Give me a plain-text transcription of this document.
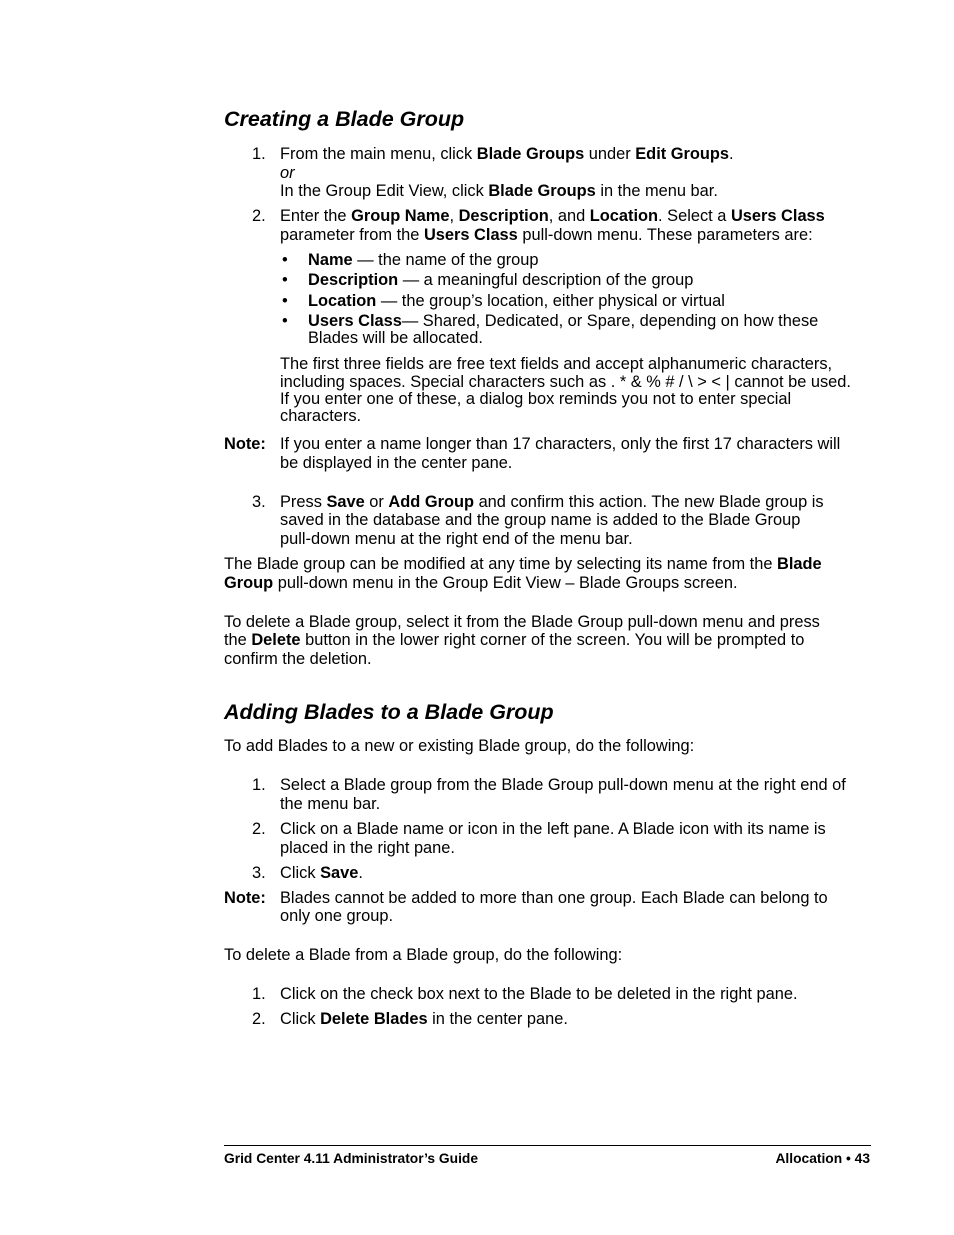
Creating a Blade Group
1. From the main menu, click Blade Groups under Edit Groups.
or
In the Group Edit View, click Blade Groups in the menu bar.
2. Enter the Group Name, Description, and Location. Select a Users Class
parameter from the Users Class pull-down menu. These parameters are:
• Name — the name of the group
• Description — a meaningful description of the group
• Location — the group’s location, either physical or virtual
• Users Class— Shared, Dedicated, or Spare, depending on how these
Blades will be allocated.
The first three fields are free text fields and accept alphanumeric characters,
including spaces. Special characters such as . * & % # / \ > < | cannot be used.
If you enter one of these, a dialog box reminds you not to enter special
characters.
Note: If you enter a name longer than 17 characters, only the first 17 characters will
be displayed in the center pane.
3. Press Save or Add Group and confirm this action. The new Blade group is
saved in the database and the group name is added to the Blade Group
pull-down menu at the right end of the menu bar.
The Blade group can be modified at any time by selecting its name from the Blade
Group pull-down menu in the Group Edit View – Blade Groups screen.
To delete a Blade group, select it from the Blade Group pull-down menu and press
the Delete button in the lower right corner of the screen. You will be prompted to
confirm the deletion.
Adding Blades to a Blade Group
To add Blades to a new or existing Blade group, do the following:
1. Select a Blade group from the Blade Group pull-down menu at the right end of
the menu bar.
2. Click on a Blade name or icon in the left pane. A Blade icon with its name is
placed in the right pane.
3. Click Save.
Note: Blades cannot be added to more than one group. Each Blade can belong to
only one group.
To delete a Blade from a Blade group, do the following:
1. Click on the check box next to the Blade to be deleted in the right pane.
2. Click Delete Blades in the center pane.
Grid Center 4.11 Administrator’s Guide	Allocation • 43
